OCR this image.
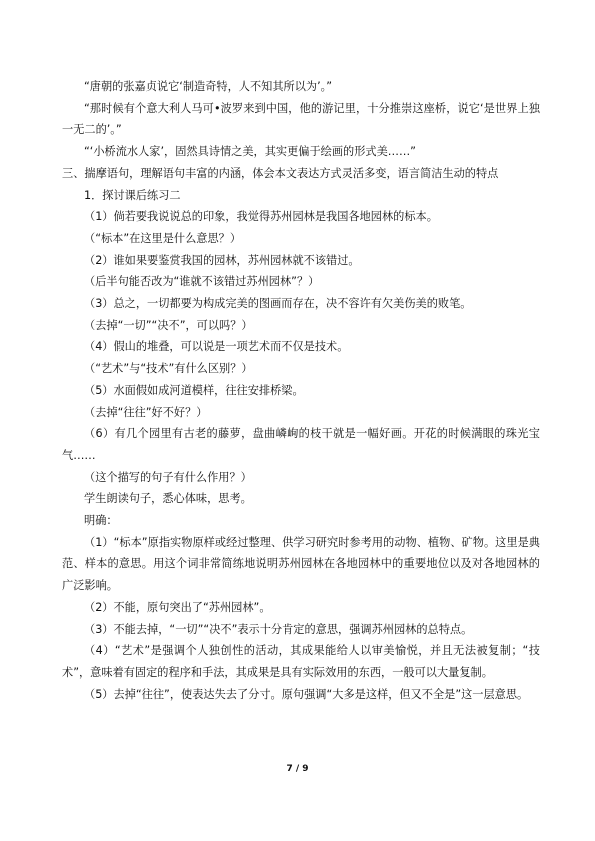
“唐朝的张嘉贞说它‘制造奇特，人不知其所以为’。”
“那时候有个意大利人马可•波罗来到中国，他的游记里，十分推崇这座桥，说它‘是世界上独一无二的’。”
“‘小桥流水人家’，固然具诗情之美，其实更偏于绘画的形式美……”
三、揣摩语句，理解语句丰富的内涵，体会本文表达方式灵活多变，语言简洁生动的特点
1．探讨课后练习二
（1）倘若要我说说总的印象，我觉得苏州园林是我国各地园林的标本。
（“标本”在这里是什么意思？）
（2）谁如果要鉴赏我国的园林，苏州园林就不该错过。
（后半句能否改为“谁就不该错过苏州园林”？）
（3）总之，一切都要为构成完美的图画而存在，决不容许有欠美伤美的败笔。
（去掉“一切”“决不”，可以吗？）
（4）假山的堆叠，可以说是一项艺术而不仅是技术。
（“艺术”与“技术”有什么区别？）
（5）水面假如成河道模样，往往安排桥梁。
（去掉“往往”好不好？）
（6）有几个园里有古老的藤萝，盘曲嶙峋的枝干就是一幅好画。开花的时候满眼的珠光宝气……
（这个描写的句子有什么作用？）
学生朗读句子，悉心体味，思考。
明确：
（1）“标本”原指实物原样或经过整理、供学习研究时参考用的动物、植物、矿物。这里是典范、样本的意思。用这个词非常简练地说明苏州园林在各地园林中的重要地位以及对各地园林的广泛影响。
（2）不能，原句突出了“苏州园林”。
（3）不能去掉，“一切”“决不”表示十分肯定的意思，强调苏州园林的总特点。
（4）“艺术”是强调个人独创性的活动，其成果能给人以审美愉悦，并且无法被复制；“技术”，意味着有固定的程序和手法，其成果是具有实际效用的东西，一般可以大量复制。
（5）去掉“往往”，使表达失去了分寸。原句强调“大多是这样，但又不全是”这一层意思。
7 / 9
